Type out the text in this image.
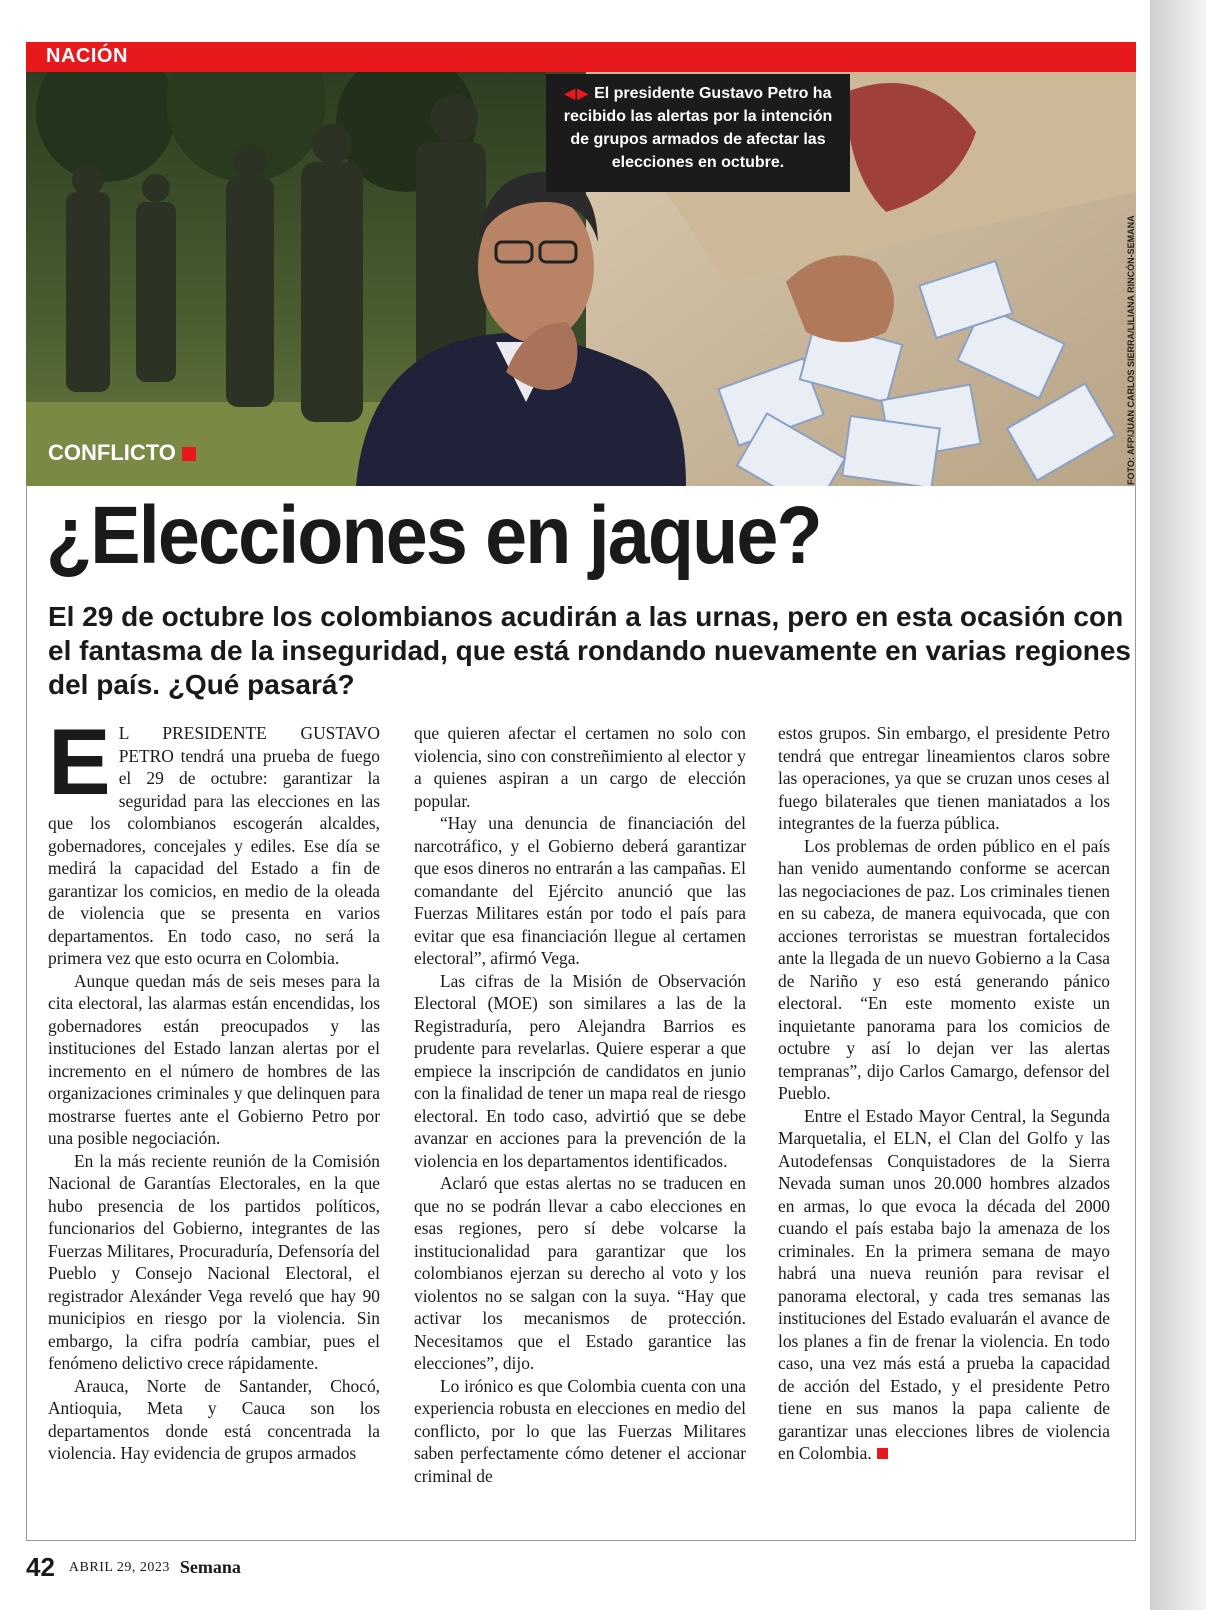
NACIÓN
◀▶ El presidente Gustavo Petro ha recibido las alertas por la intención de grupos armados de afectar las elecciones en octubre.
CONFLICTO	FOTO: AFP/JUAN CARLOS SIERRA/LILIANA RINCÓN-SEMANA
¿Elecciones en jaque?

El 29 de octubre los colombianos acudirán a las urnas, pero en esta ocasión con el fantasma de la inseguridad, que está rondando nuevamente en varias regiones del país. ¿Qué pasará?

E L PRESIDENTE GUSTAVO PETRO tendrá una prueba de fuego el 29 de octubre: garantizar la seguridad para las elecciones en las que los colombianos escogerán alcaldes, gobernadores, concejales y ediles. Ese día se medirá la capacidad del Estado a fin de garantizar los comicios, en medio de la oleada de violencia que se presenta en varios departamentos. En todo caso, no será la primera vez que esto ocurra en Colombia.

Aunque quedan más de seis meses para la cita electoral, las alarmas están encendidas, los gobernadores están preocupados y las instituciones del Estado lanzan alertas por el incremento en el número de hombres de las organizaciones criminales y que delinquen para mostrarse fuertes ante el Gobierno Petro por una posible negociación.

En la más reciente reunión de la Comisión Nacional de Garantías Electorales, en la que hubo presencia de los partidos políticos, funcionarios del Gobierno, integrantes de las Fuerzas Militares, Procuraduría, Defensoría del Pueblo y Consejo Nacional Electoral, el registrador Alexánder Vega reveló que hay 90 municipios en riesgo por la violencia. Sin embargo, la cifra podría cambiar, pues el fenómeno delictivo crece rápidamente.

Arauca, Norte de Santander, Chocó, Antioquia, Meta y Cauca son los departamentos donde está concentrada la violencia. Hay evidencia de grupos armados

que quieren afectar el certamen no solo con violencia, sino con constreñimiento al elector y a quienes aspiran a un cargo de elección popular.

“Hay una denuncia de financiación del narcotráfico, y el Gobierno deberá garantizar que esos dineros no entrarán a las campañas. El comandante del Ejército anunció que las Fuerzas Militares están por todo el país para evitar que esa financiación llegue al certamen electoral”, afirmó Vega.

Las cifras de la Misión de Observación Electoral (MOE) son similares a las de la Registraduría, pero Alejandra Barrios es prudente para revelarlas. Quiere esperar a que empiece la inscripción de candidatos en junio con la finalidad de tener un mapa real de riesgo electoral. En todo caso, advirtió que se debe avanzar en acciones para la prevención de la violencia en los departamentos identificados.

Aclaró que estas alertas no se traducen en que no se podrán llevar a cabo elecciones en esas regiones, pero sí debe volcarse la institucionalidad para garantizar que los colombianos ejerzan su derecho al voto y los violentos no se salgan con la suya. “Hay que activar los mecanismos de protección. Necesitamos que el Estado garantice las elecciones”, dijo.

Lo irónico es que Colombia cuenta con una experiencia robusta en elecciones en medio del conflicto, por lo que las Fuerzas Militares saben perfectamente cómo detener el accionar criminal de

estos grupos. Sin embargo, el presidente Petro tendrá que entregar lineamientos claros sobre las operaciones, ya que se cruzan unos ceses al fuego bilaterales que tienen maniatados a los integrantes de la fuerza pública.

Los problemas de orden público en el país han venido aumentando conforme se acercan las negociaciones de paz. Los criminales tienen en su cabeza, de manera equivocada, que con acciones terroristas se muestran fortalecidos ante la llegada de un nuevo Gobierno a la Casa de Nariño y eso está generando pánico electoral. “En este momento existe un inquietante panorama para los comicios de octubre y así lo dejan ver las alertas tempranas”, dijo Carlos Camargo, defensor del Pueblo.

Entre el Estado Mayor Central, la Segunda Marquetalia, el ELN, el Clan del Golfo y las Autodefensas Conquistadores de la Sierra Nevada suman unos 20.000 hombres alzados en armas, lo que evoca la década del 2000 cuando el país estaba bajo la amenaza de los criminales. En la primera semana de mayo habrá una nueva reunión para revisar el panorama electoral, y cada tres semanas las instituciones del Estado evaluarán el avance de los planes a fin de frenar la violencia. En todo caso, una vez más está a prueba la capacidad de acción del Estado, y el presidente Petro tiene en sus manos la papa caliente de garantizar unas elecciones libres de violencia en Colombia.

42 ABRIL 29, 2023 Semana
